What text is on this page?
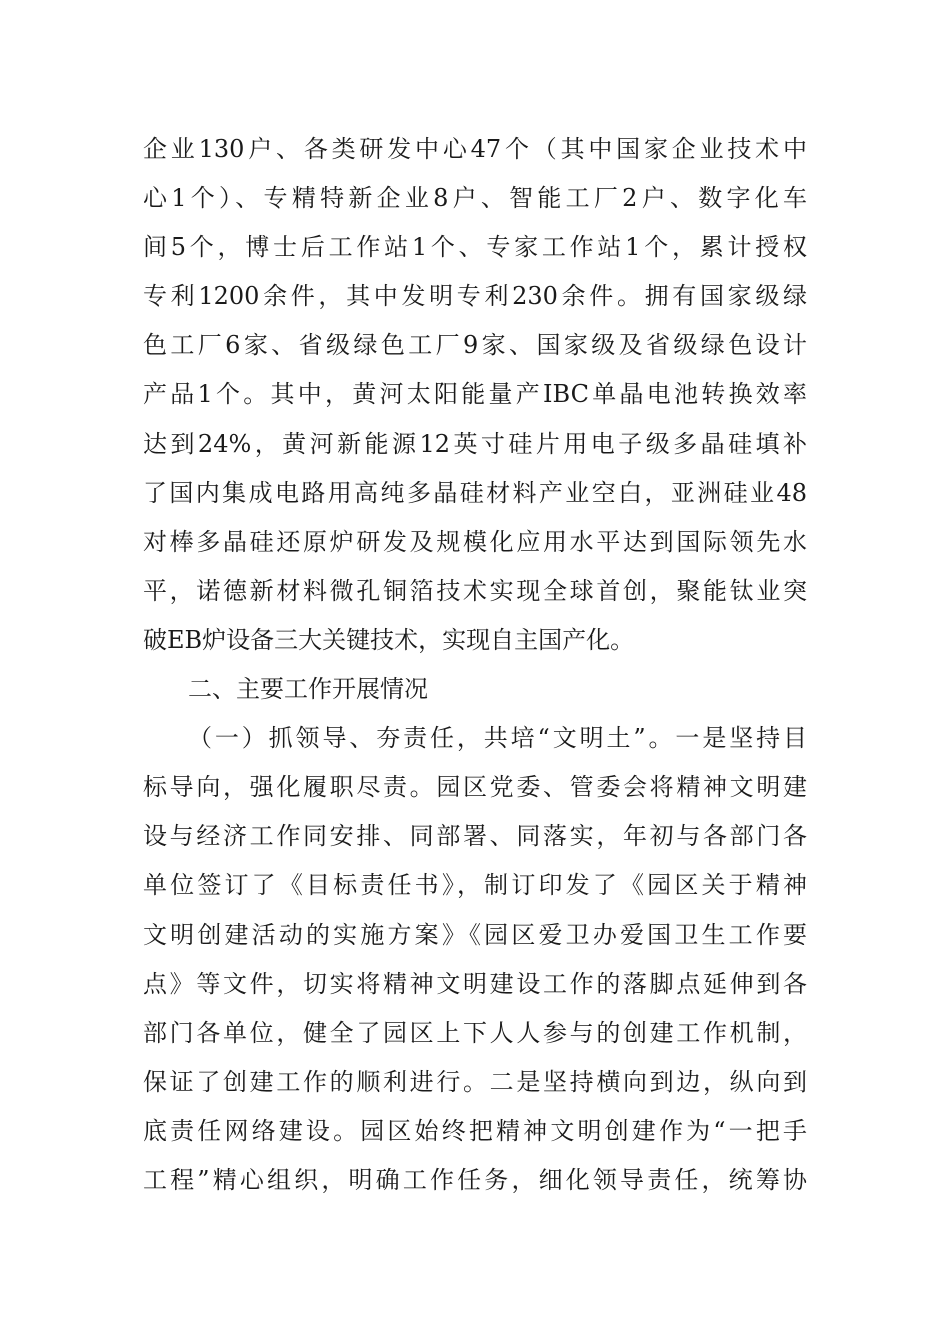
企业130户、各类研发中心47个（其中国家企业技术中
心1个）、专精特新企业8户、智能工厂2户、数字化车
间5个，博士后工作站1个、专家工作站1个，累计授权
专利1200余件，其中发明专利230余件。拥有国家级绿
色工厂6家、省级绿色工厂9家、国家级及省级绿色设计
产品1个。其中，黄河太阳能量产IBC单晶电池转换效率
达到24%，黄河新能源12英寸硅片用电子级多晶硅填补
了国内集成电路用高纯多晶硅材料产业空白，亚洲硅业48
对棒多晶硅还原炉研发及规模化应用水平达到国际领先水
平，诺德新材料微孔铜箔技术实现全球首创，聚能钛业突
破EB炉设备三大关键技术，实现自主国产化。
二、主要工作开展情况
（一）抓领导、夯责任，共培“文明土”。一是坚持目
标导向，强化履职尽责。园区党委、管委会将精神文明建
设与经济工作同安排、同部署、同落实，年初与各部门各
单位签订了《目标责任书》，制订印发了《园区关于精神
文明创建活动的实施方案》《园区爱卫办爱国卫生工作要
点》等文件，切实将精神文明建设工作的落脚点延伸到各
部门各单位，健全了园区上下人人参与的创建工作机制，
保证了创建工作的顺利进行。二是坚持横向到边，纵向到
底责任网络建设。园区始终把精神文明创建作为“一把手
工程”精心组织，明确工作任务，细化领导责任，统筹协
